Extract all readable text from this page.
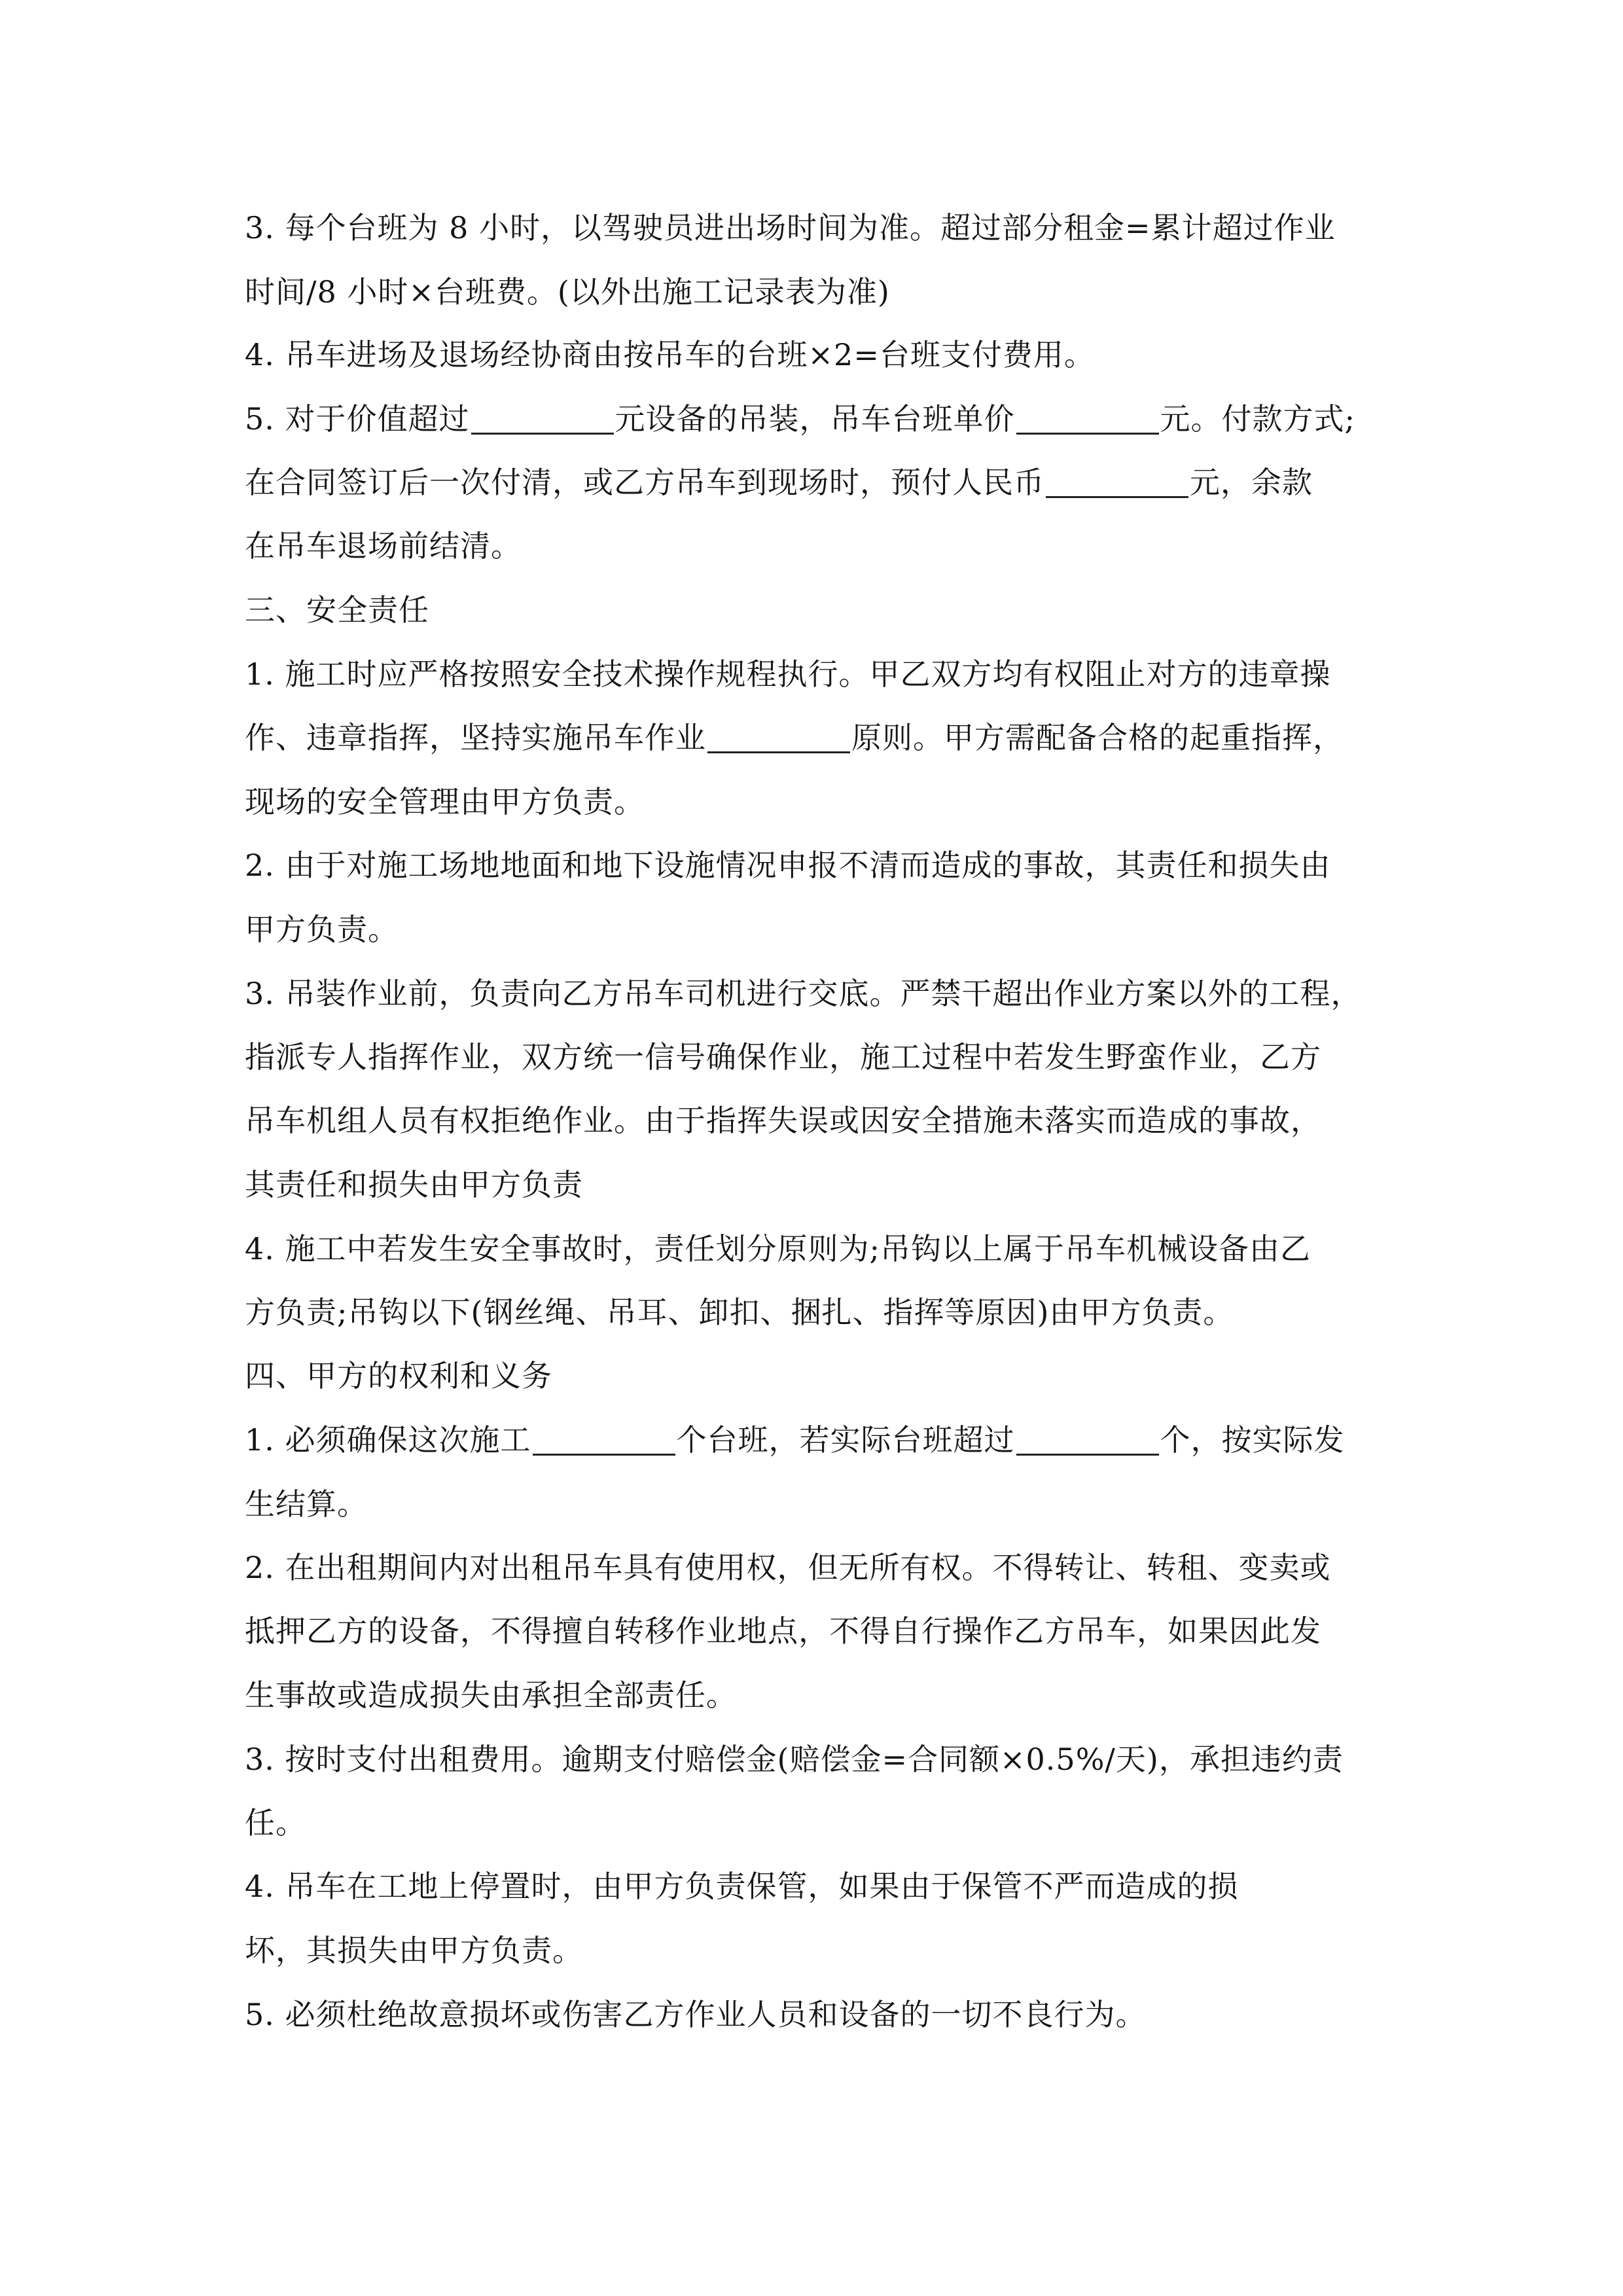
3. 每个台班为 8 小时，以驾驶员进出场时间为准。超过部分租金=累计超过作业
时间/8 小时×台班费。(以外出施工记录表为准)
4. 吊车进场及退场经协商由按吊车的台班×2=台班支付费用。
5. 对于价值超过	元设备的吊装，吊车台班单价	元。付款方式;
在合同签订后一次付清，或乙方吊车到现场时，预付人民币	元，余款
在吊车退场前结清。
三、安全责任
1. 施工时应严格按照安全技术操作规程执行。甲乙双方均有权阻止对方的违章操
作、违章指挥，坚持实施吊车作业	原则。甲方需配备合格的起重指挥，
现场的安全管理由甲方负责。
2. 由于对施工场地地面和地下设施情况申报不清而造成的事故，其责任和损失由
甲方负责。
3. 吊装作业前，负责向乙方吊车司机进行交底。严禁干超出作业方案以外的工程，
指派专人指挥作业，双方统一信号确保作业，施工过程中若发生野蛮作业，乙方
吊车机组人员有权拒绝作业。由于指挥失误或因安全措施未落实而造成的事故，
其责任和损失由甲方负责
4. 施工中若发生安全事故时，责任划分原则为;吊钩以上属于吊车机械设备由乙
方负责;吊钩以下(钢丝绳、吊耳、卸扣、捆扎、指挥等原因)由甲方负责。
四、甲方的权利和义务
1. 必须确保这次施工	个台班，若实际台班超过	个，按实际发
生结算。
2. 在出租期间内对出租吊车具有使用权，但无所有权。不得转让、转租、变卖或
抵押乙方的设备，不得擅自转移作业地点，不得自行操作乙方吊车，如果因此发
生事故或造成损失由承担全部责任。
3. 按时支付出租费用。逾期支付赔偿金(赔偿金=合同额×0.5%/天)，承担违约责
任。
4. 吊车在工地上停置时，由甲方负责保管，如果由于保管不严而造成的损
坏，其损失由甲方负责。
5. 必须杜绝故意损坏或伤害乙方作业人员和设备的一切不良行为。
